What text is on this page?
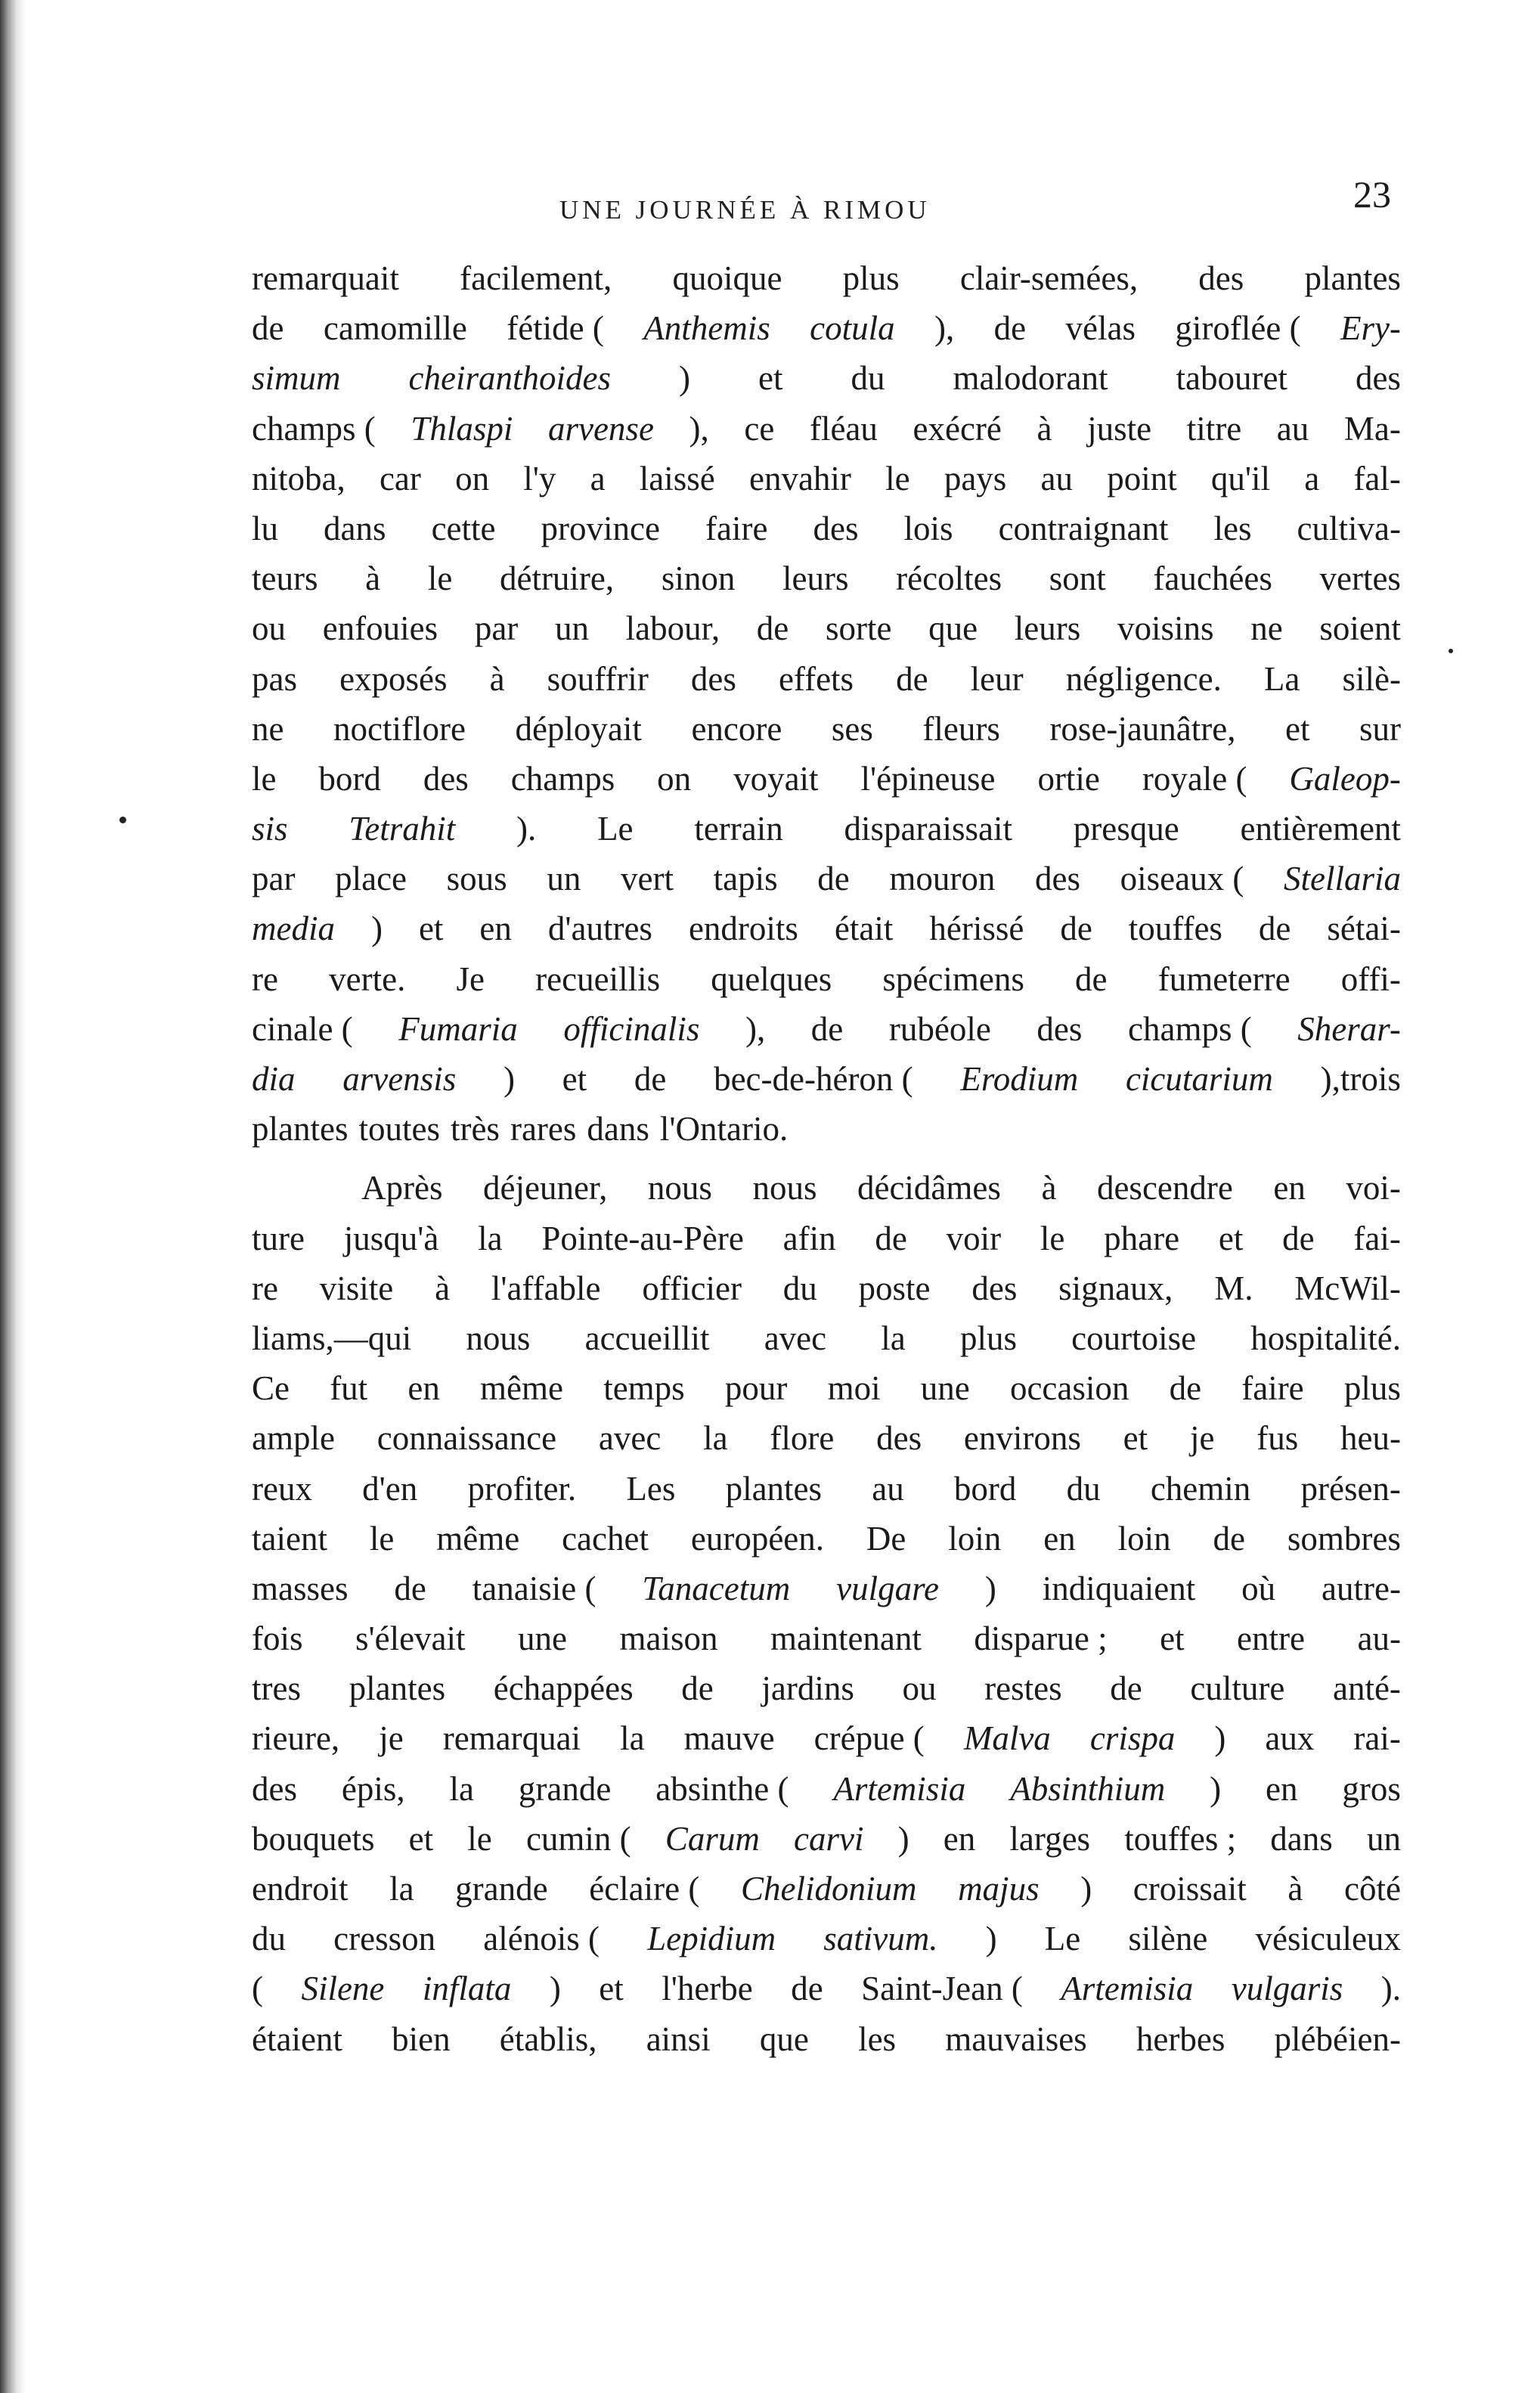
UNE JOURNÉE À RIMOU	23
remarquait facilement, quoique plus clair-semées, des plantes
de camomille fétide ( Anthemis cotula ), de vélas giroflée ( Ery-
simum cheiranthoides ) et du malodorant tabouret des
champs ( Thlaspi arvense ), ce fléau exécré à juste titre au Ma-
nitoba, car on l'y a laissé envahir le pays au point qu'il a fal-
lu dans cette province faire des lois contraignant les cultiva-
teurs à le détruire, sinon leurs récoltes sont fauchées vertes
ou enfouies par un labour, de sorte que leurs voisins ne soient
pas exposés à souffrir des effets de leur négligence. La silè-
ne noctiflore déployait encore ses fleurs rose-jaunâtre, et sur
le bord des champs on voyait l'épineuse ortie royale ( Galeop-
sis Tetrahit ). Le terrain disparaissait presque entièrement
par place sous un vert tapis de mouron des oiseaux ( Stellaria
media ) et en d'autres endroits était hérissé de touffes de sétai-
re verte. Je recueillis quelques spécimens de fumeterre offi-
cinale ( Fumaria officinalis ), de rubéole des champs ( Sherar-
dia arvensis ) et de bec-de-héron ( Erodium cicutarium ),trois
plantes toutes très rares dans l'Ontario.
Après déjeuner, nous nous décidâmes à descendre en voi-
ture jusqu'à la Pointe-au-Père afin de voir le phare et de fai-
re visite à l'affable officier du poste des signaux, M. McWil-
liams,—qui nous accueillit avec la plus courtoise hospitalité.
Ce fut en même temps pour moi une occasion de faire plus
ample connaissance avec la flore des environs et je fus heu-
reux d'en profiter. Les plantes au bord du chemin présen-
taient le même cachet européen. De loin en loin de sombres
masses de tanaisie ( Tanacetum vulgare ) indiquaient où autre-
fois s'élevait une maison maintenant disparue ; et entre au-
tres plantes échappées de jardins ou restes de culture anté-
rieure, je remarquai la mauve crépue ( Malva crispa ) aux rai-
des épis, la grande absinthe ( Artemisia Absinthium ) en gros
bouquets et le cumin ( Carum carvi ) en larges touffes ; dans un
endroit la grande éclaire ( Chelidonium majus ) croissait à côté
du cresson alénois ( Lepidium sativum. ) Le silène vésiculeux
( Silene inflata ) et l'herbe de Saint-Jean ( Artemisia vulgaris ).
étaient bien établis, ainsi que les mauvaises herbes plébéien-
